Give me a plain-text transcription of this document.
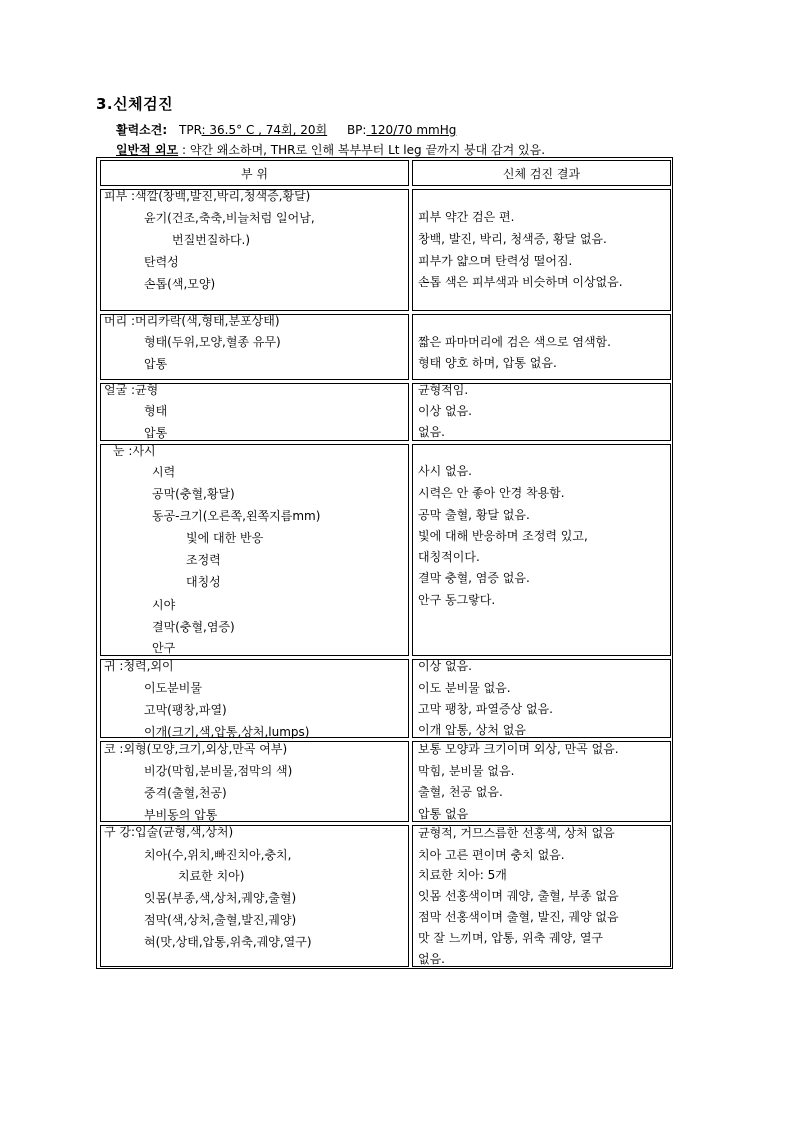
3.신체검진
활력소견: TPR: 36.5° C , 74회, 20회 BP: 120/70 mmHg
일반적 외모 : 약간 왜소하며, THR로 인해 복부부터 Lt leg 끝까지 붕대 감겨 있음.
부 위	신체 검진 결과
피부 :색깔(창백,발진,박리,청색증,황달)
윤기(건조,축축,비늘처럼 일어남,
번질번질하다.)
탄력성
손톱(색,모양)
피부 약간 검은 편.
창백, 발진, 박리, 청색증, 황달 없음.
피부가 얇으며 탄력성 떨어짐.
손톱 색은 피부색과 비슷하며 이상없음.
머리 :머리카락(색,형태,분포상태)
형태(두위,모양,혈종 유무)
압통
짧은 파마머리에 검은 색으로 염색함.
형태 양호 하며, 압통 없음.
얼굴 :균형
형태
압통
균형적임.
이상 없음.
없음.
눈 :사시
시력
공막(충혈,황달)
동공-크기(오른쪽,왼쪽지름mm)
빛에 대한 반응
조정력
대칭성
시야
결막(충혈,염증)
안구
사시 없음.
시력은 안 좋아 안경 착용함.
공막 출혈, 황달 없음.
빛에 대해 반응하며 조정력 있고,
대칭적이다.
결막 충혈, 염증 없음.
안구 동그랗다.
귀 :청력,외이
이도분비물
고막(팽창,파열)
이개(크기,색,압통,상처,lumps)
이상 없음.
이도 분비물 없음.
고막 팽창, 파열증상 없음.
이개 압통, 상처 없음
코 :외형(모양,크기,외상,만곡 여부)
비강(막힘,분비물,점막의 색)
중격(출혈,천공)
부비동의 압통
보통 모양과 크기이며 외상, 만곡 없음.
막힘, 분비물 없음.
출혈, 천공 없음.
압통 없음
구 강:입술(균형,색,상처)
치아(수,위치,빠진치아,충치,
치료한 치아)
잇몸(부종,색,상처,궤양,출혈)
점막(색,상처,출혈,발진,궤양)
혀(맛,상태,압통,위축,궤양,열구)
균형적, 거므스름한 선홍색, 상처 없음
치아 고른 편이며 충치 없음.
치료한 치아: 5개
잇몸 선홍색이며 궤양, 출혈, 부종 없음
점막 선홍색이며 출혈, 발진, 궤양 없음
맛 잘 느끼며, 압통, 위축 궤양, 열구
없음.
